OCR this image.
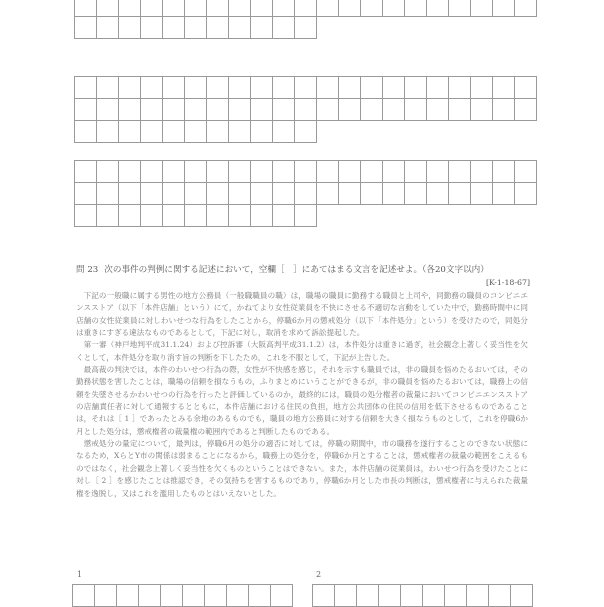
問 23 次の事件の判例に関する記述において，空欄［　］にあてはまる文言を記述せよ。（各20文字以内）
[K-1-18-67]

下記の一般職に属する男性の地方公務員（一般職職員の職）は，職場の職員に勤務する職員と上司や，同勤務の職員のコンビニエンスストア（以下「本件店舗」という）にて，かねてより女性従業員を不快にさせる不適切な言動をしていた中で，勤務時間中に同店舗の女性従業員に対しわいせつな行為をしたことから，停職6か月の懲戒処分（以下「本件処分」という）を受けたので，同処分は重きにすぎる違法なものであるとして，下記に対し，取消を求めて訴訟提起した。

第一審（神戸地判平成31.1.24）および控訴審（大阪高判平成31.1.2）は，本件処分は重きに過ぎ，社会観念上著しく妥当性を欠くとして，本件処分を取り消す旨の判断を下したため，これを不服として，下記が上告した。

最高裁の判決では，本件のわいせつ行為の際，女性が不快感を感じ，それを示すも職員では，非の職員を悩めたるおいては，その勤務状態を害したことは，職場の信頼を損なうもの，ふりまとめにいうことができるが，非の職員を悩めたるおいては，職務上の信頼を失墜させるかわいせつの行為を行ったと評価しているのか，最終的には，職員の処分権者の裁量においてコンビニエンスストアの店舗責任者に対して通報するとともに，本件店舗における住民の負担，地方公共団体の住民の信用を低下させるものであることは，それは［ 1 ］であったとみる余地のあるものでも，職員の地方公務員に対する信頼を大きく損なうものとして，これを停職6か月とした処分は，懲戒権者の裁量権の範囲内であると判断したものである。

懲戒処分の量定について，最判は，停職6月の処分の適否に対しては，停職の期間中，市の職務を遂行することのできない状態になるため，XらとY市の関係は弱まることになるから，職務上の処分を，停職6か月とすることは，懲戒権者の裁量の範囲をこえるものではなく，社会観念上著しく妥当性を欠くものということはできない。また，本件店舗の従業員は，わいせつ行為を受けたことに対し［ 2 ］を感じたことは推認でき，その気持ちを害するものであり，停職6か月とした市長の判断は，懲戒権者に与えられた裁量権を逸脱し，又はこれを濫用したものとはいえないとした。

1	2
